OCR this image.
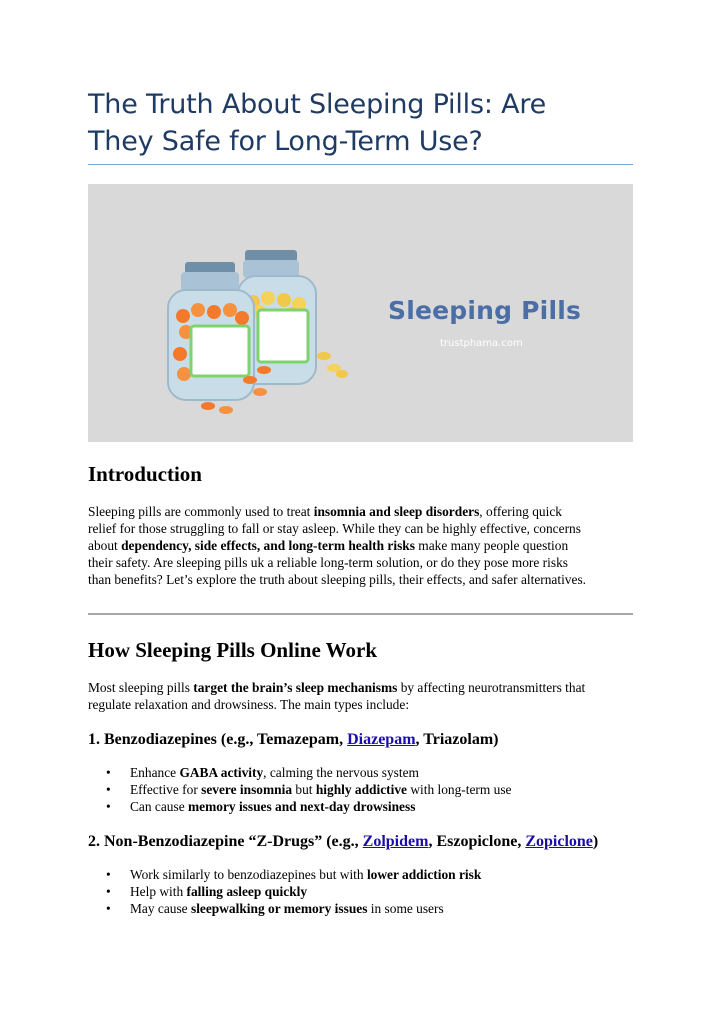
The Truth About Sleeping Pills: Are
They Safe for Long-Term Use?
Sleeping Pills
trustphama.com
Introduction

Sleeping pills are commonly used to treat insomnia and sleep disorders, offering quick
relief for those struggling to fall or stay asleep. While they can be highly effective, concerns
about dependency, side effects, and long-term health risks make many people question
their safety. Are sleeping pills uk a reliable long-term solution, or do they pose more risks
than benefits? Let’s explore the truth about sleeping pills, their effects, and safer alternatives.

How Sleeping Pills Online Work

Most sleeping pills target the brain’s sleep mechanisms by affecting neurotransmitters that
regulate relaxation and drowsiness. The main types include:

1. Benzodiazepines (e.g., Temazepam, Diazepam, Triazolam)
• Enhance GABA activity, calming the nervous system
• Effective for severe insomnia but highly addictive with long-term use
• Can cause memory issues and next-day drowsiness
2. Non-Benzodiazepine “Z-Drugs” (e.g., Zolpidem, Eszopiclone, Zopiclone)
• Work similarly to benzodiazepines but with lower addiction risk
• Help with falling asleep quickly
• May cause sleepwalking or memory issues in some users
